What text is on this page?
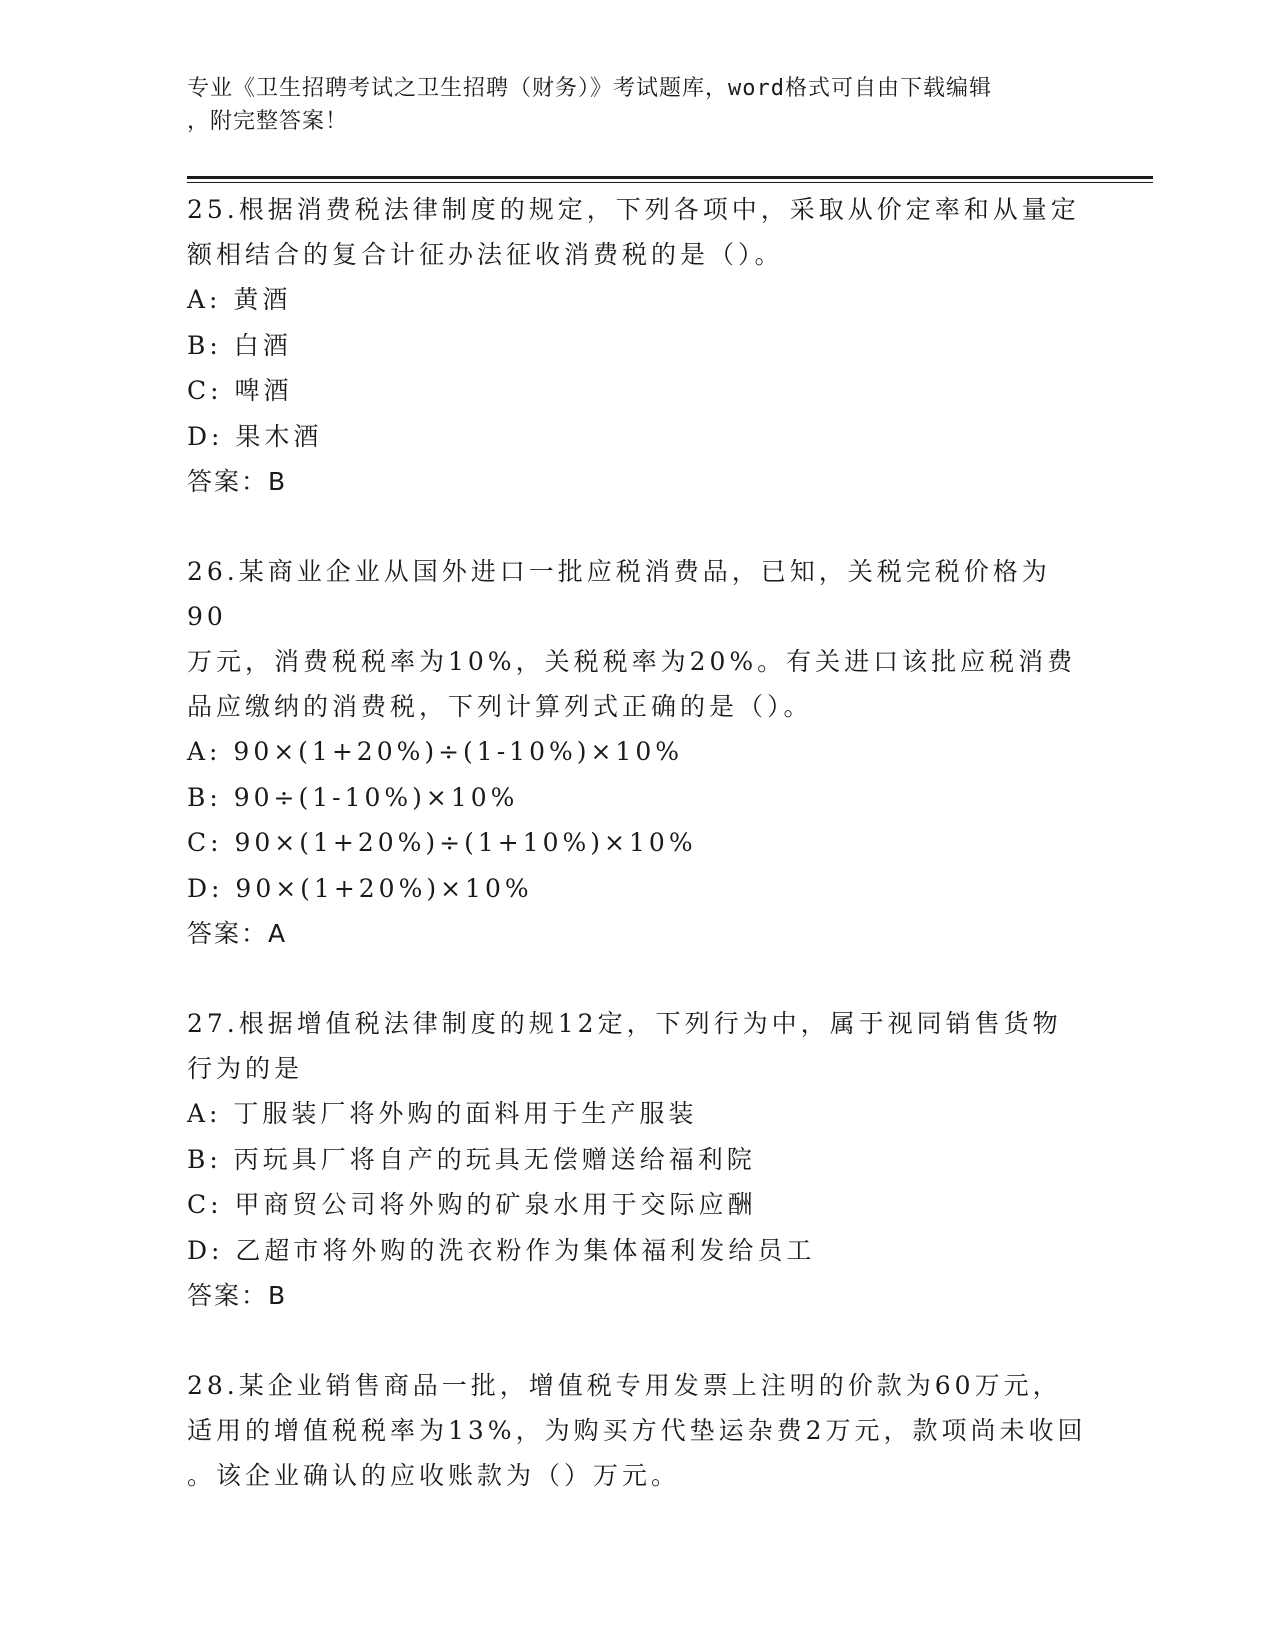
专业《卫生招聘考试之卫生招聘（财务）》考试题库，word格式可自由下载编辑
，附完整答案！
25.根据消费税法律制度的规定，下列各项中，采取从价定率和从量定
额相结合的复合计征办法征收消费税的是（）。
A: 黄酒
B: 白酒
C: 啤酒
D: 果木酒
答案：B
26.某商业企业从国外进口一批应税消费品，已知，关税完税价格为90
万元，消费税税率为10%，关税税率为20%。有关进口该批应税消费
品应缴纳的消费税，下列计算列式正确的是（）。
A: 90×(1+20%)÷(1-10%)×10%
B: 90÷(1-10%)×10%
C: 90×(1+20%)÷(1+10%)×10%
D: 90×(1+20%)×10%
答案：A
27.根据增值税法律制度的规12定，下列行为中，属于视同销售货物
行为的是
A: 丁服装厂将外购的面料用于生产服装
B: 丙玩具厂将自产的玩具无偿赠送给福利院
C: 甲商贸公司将外购的矿泉水用于交际应酬
D: 乙超市将外购的洗衣粉作为集体福利发给员工
答案：B
28.某企业销售商品一批，增值税专用发票上注明的价款为60万元，
适用的增值税税率为13%，为购买方代垫运杂费2万元，款项尚未收回
。该企业确认的应收账款为（）万元。
